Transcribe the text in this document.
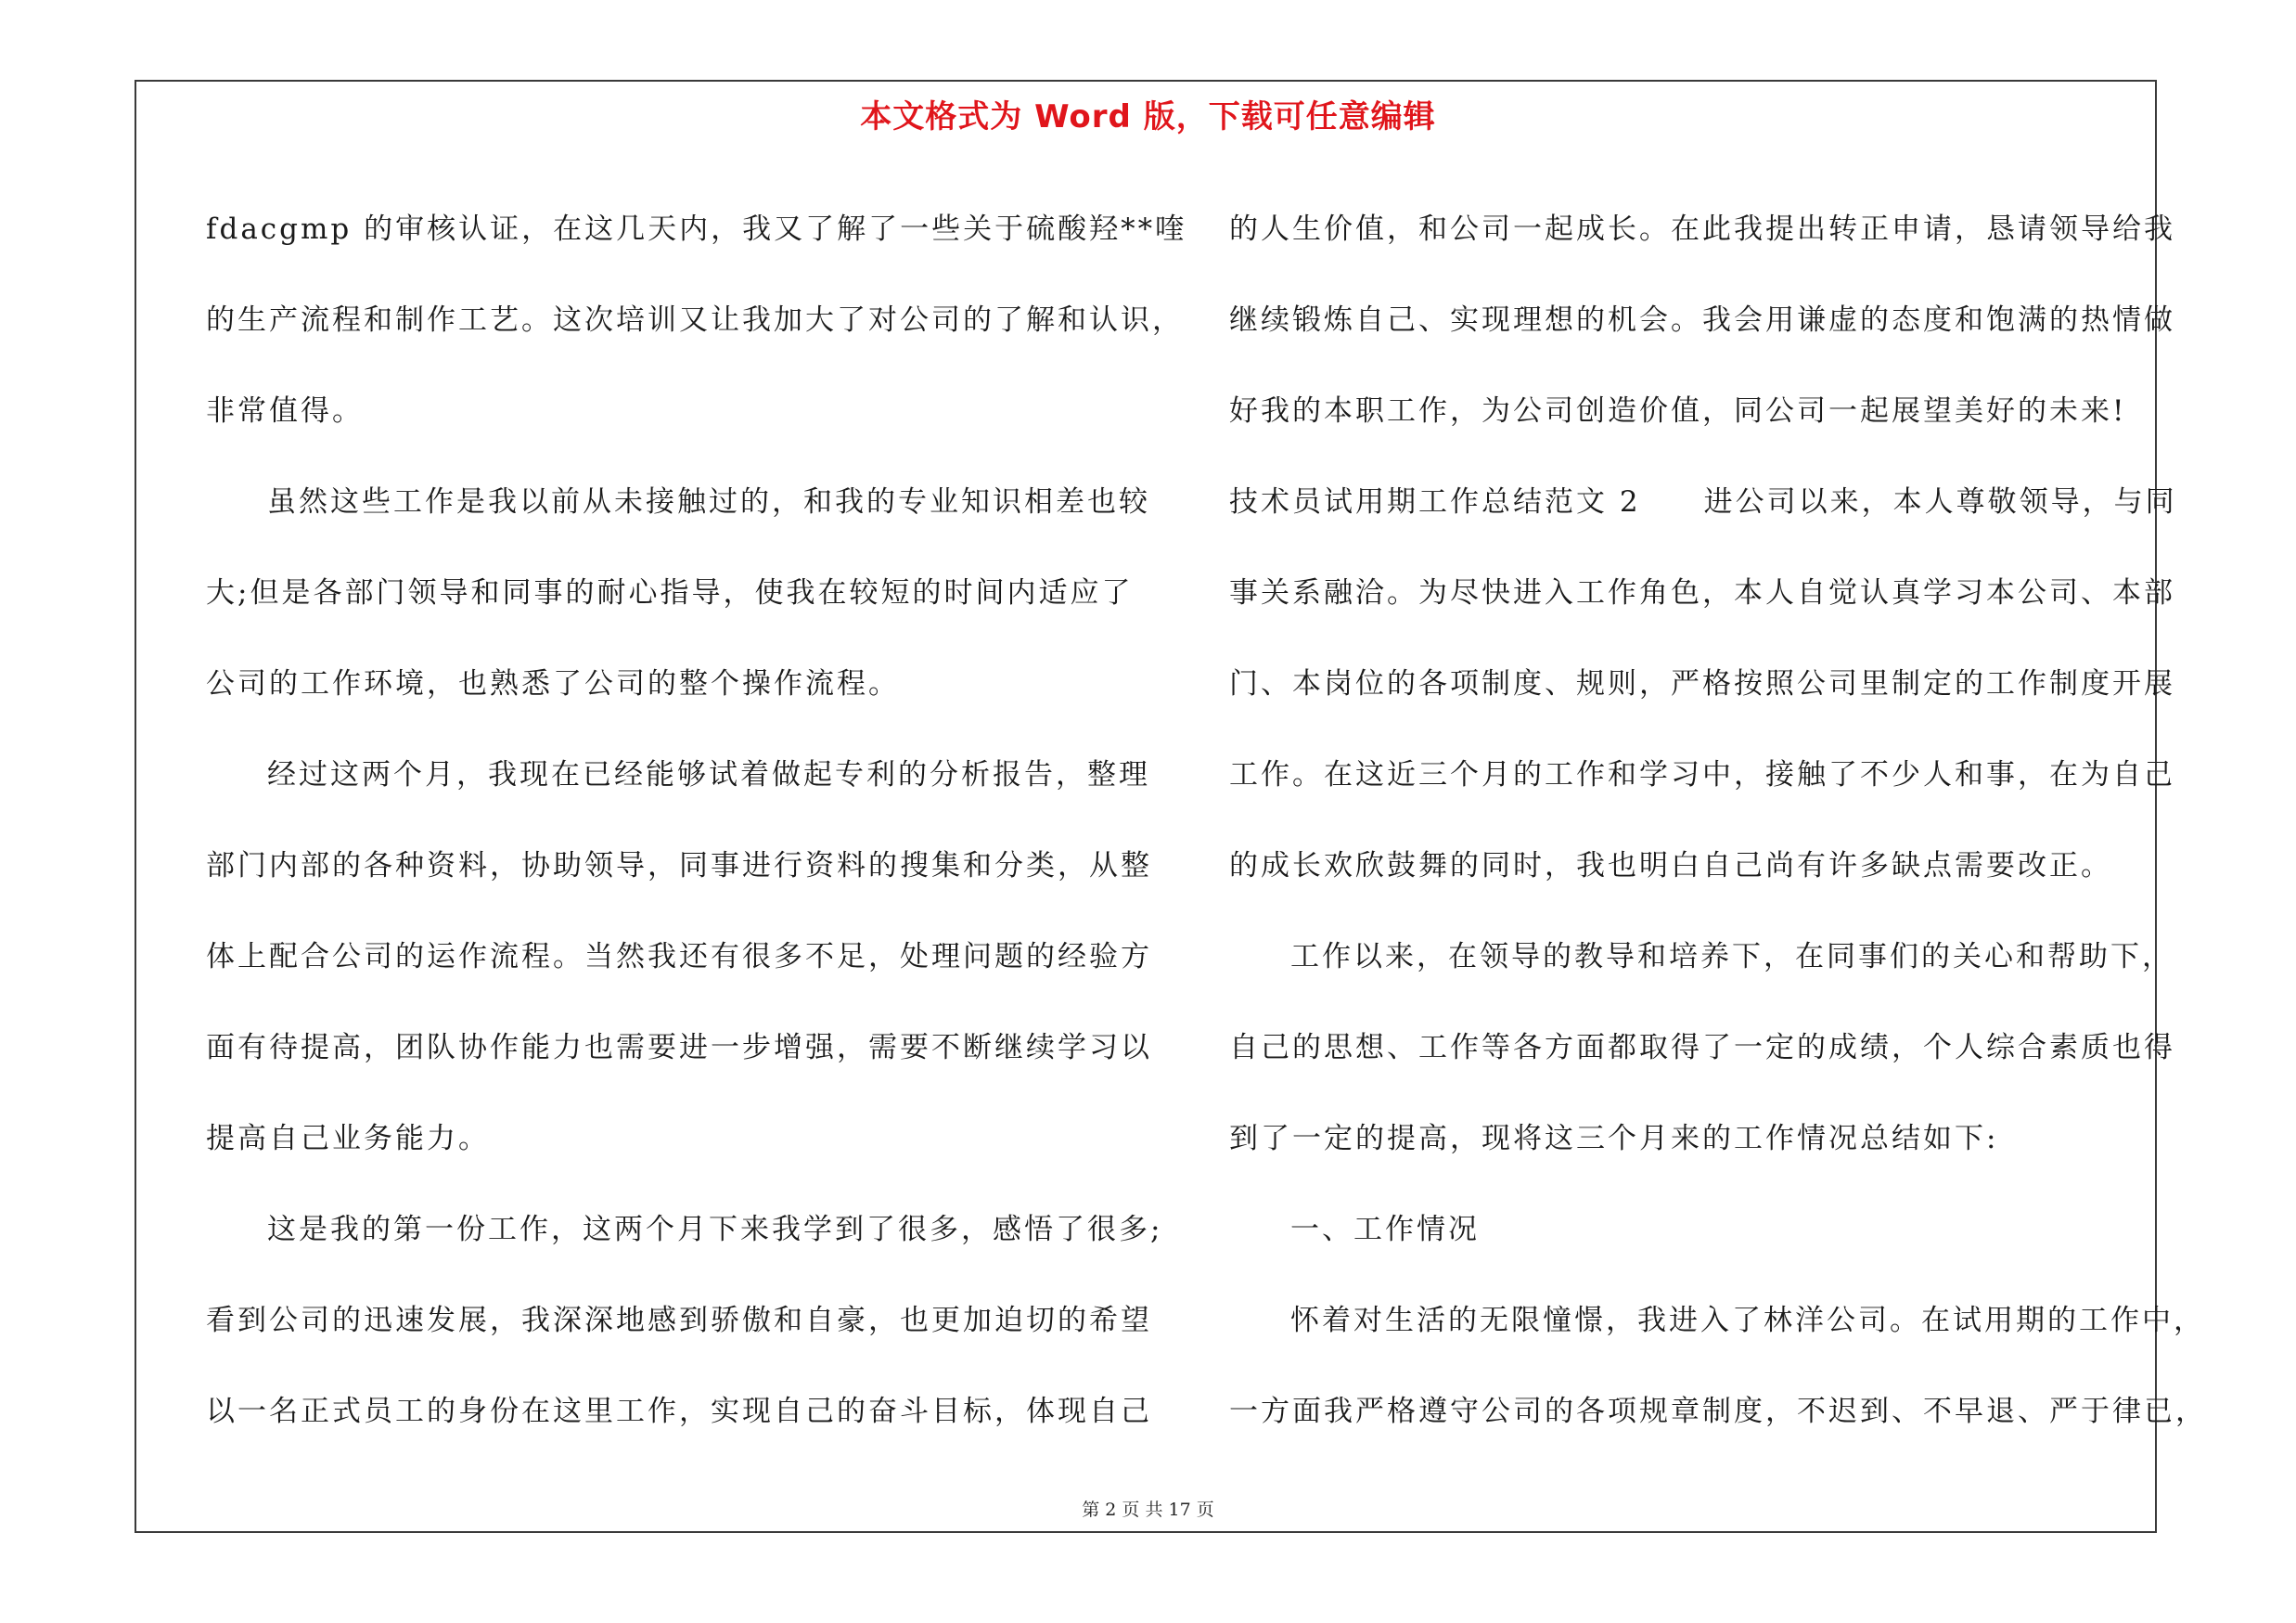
本文格式为 Word 版，下载可任意编辑
fdacgmp 的审核认证，在这几天内，我又了解了一些关于硫酸羟**喹
的生产流程和制作工艺。这次培训又让我加大了对公司的了解和认识，
非常值得。
虽然这些工作是我以前从未接触过的，和我的专业知识相差也较
大;但是各部门领导和同事的耐心指导，使我在较短的时间内适应了
公司的工作环境，也熟悉了公司的整个操作流程。
经过这两个月，我现在已经能够试着做起专利的分析报告，整理
部门内部的各种资料，协助领导，同事进行资料的搜集和分类，从整
体上配合公司的运作流程。当然我还有很多不足，处理问题的经验方
面有待提高，团队协作能力也需要进一步增强，需要不断继续学习以
提高自己业务能力。
这是我的第一份工作，这两个月下来我学到了很多，感悟了很多;
看到公司的迅速发展，我深深地感到骄傲和自豪，也更加迫切的希望
以一名正式员工的身份在这里工作，实现自己的奋斗目标，体现自己
的人生价值，和公司一起成长。在此我提出转正申请，恳请领导给我
继续锻炼自己、实现理想的机会。我会用谦虚的态度和饱满的热情做
好我的本职工作，为公司创造价值，同公司一起展望美好的未来!
技术员试用期工作总结范文 2　　进公司以来，本人尊敬领导，与同
事关系融洽。为尽快进入工作角色，本人自觉认真学习本公司、本部
门、本岗位的各项制度、规则，严格按照公司里制定的工作制度开展
工作。在这近三个月的工作和学习中，接触了不少人和事，在为自己
的成长欢欣鼓舞的同时，我也明白自己尚有许多缺点需要改正。
工作以来，在领导的教导和培养下，在同事们的关心和帮助下，
自己的思想、工作等各方面都取得了一定的成绩，个人综合素质也得
到了一定的提高，现将这三个月来的工作情况总结如下:
一、工作情况
怀着对生活的无限憧憬，我进入了林洋公司。在试用期的工作中，
一方面我严格遵守公司的各项规章制度，不迟到、不早退、严于律已，
第 2 页 共 17 页
